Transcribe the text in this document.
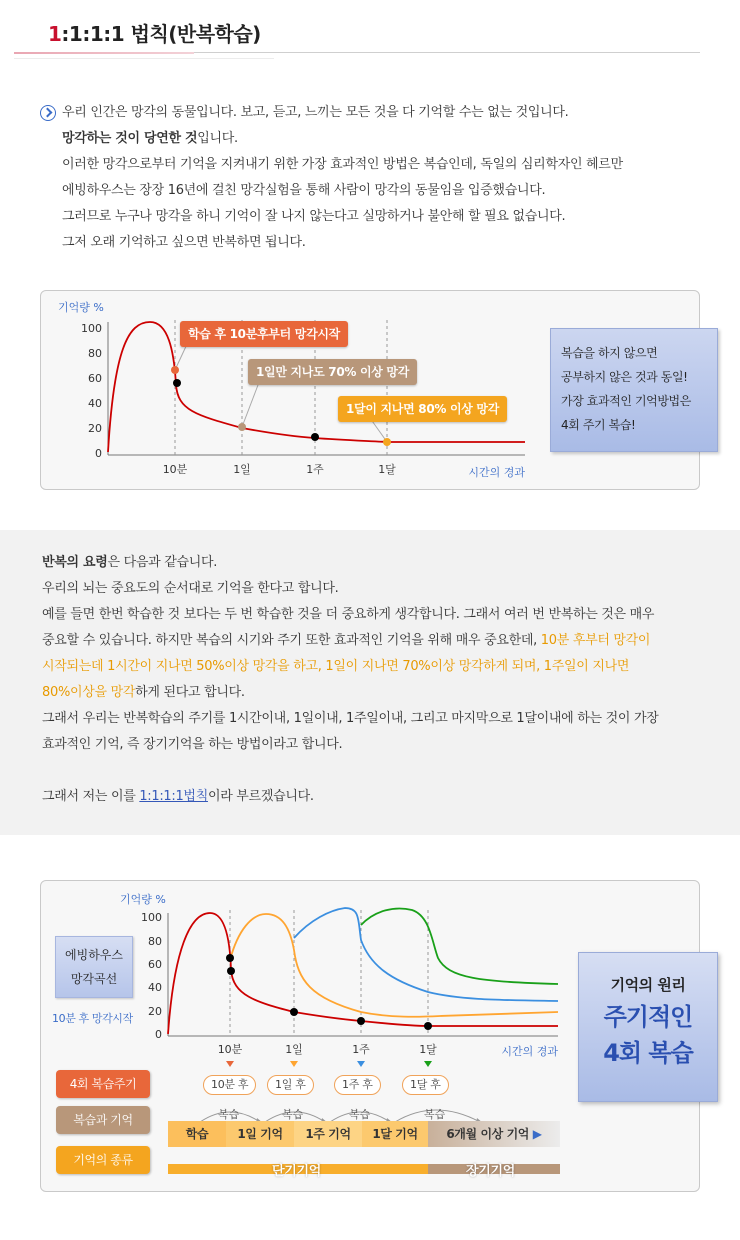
1:1:1:1 법칙(반복학습)
우리 인간은 망각의 동물입니다. 보고, 듣고, 느끼는 모든 것을 다 기억할 수는 없는 것입니다.
망각하는 것이 당연한 것입니다.
이러한 망각으로부터 기억을 지켜내기 위한 가장 효과적인 방법은 복습인데, 독일의 심리학자인 헤르만
에빙하우스는 장장 16년에 걸친 망각실험을 통해 사람이 망각의 동물임을 입증했습니다.
그러므로 누구나 망각을 하니 기억이 잘 나지 않는다고 실망하거나 불안해 할 필요 없습니다.
그저 오래 기억하고 싶으면 반복하면 됩니다.
기억량 %
100
80
60
40
20
0
10분	1일	1주	1달	시간의 경과
학습 후 10분후부터 망각시작
1일만 지나도 70% 이상 망각
1달이 지나면 80% 이상 망각
복습을 하지 않으면
공부하지 않은 것과 동일!
가장 효과적인 기억방법은
4회 주기 복습!
반복의 요령은 다음과 같습니다.
우리의 뇌는 중요도의 순서대로 기억을 한다고 합니다.
예를 들면 한번 학습한 것 보다는 두 번 학습한 것을 더 중요하게 생각합니다. 그래서 여러 번 반복하는 것은 매우
중요할 수 있습니다. 하지만 복습의 시기와 주기 또한 효과적인 기억을 위해 매우 중요한데, 10분 후부터 망각이
시작되는데 1시간이 지나면 50%이상 망각을 하고, 1일이 지나면 70%이상 망각하게 되며, 1주일이 지나면
80%이상을 망각하게 된다고 합니다.
그래서 우리는 반복학습의 주기를 1시간이내, 1일이내, 1주일이내, 그리고 마지막으로 1달이내에 하는 것이 가장
효과적인 기억, 즉 장기기억을 하는 방법이라고 합니다.

그래서 저는 이를 1:1:1:1법칙이라 부르겠습니다.
기억량 %
100
80
60
40
20
0
10분	1일	1주	1달	시간의 경과
에빙하우스
망각곡선
10분 후 망각시작
4회 복습주기
복습과 기억
기억의 종류
10분 후	1일 후	1주 후	1달 후
복습	복습	복습	복습
학습	1일 기억	1주 기억	1달 기억	6개월 이상 기억 ▶
단기기억	장기기억
기억의 원리
주기적인
4회 복습
